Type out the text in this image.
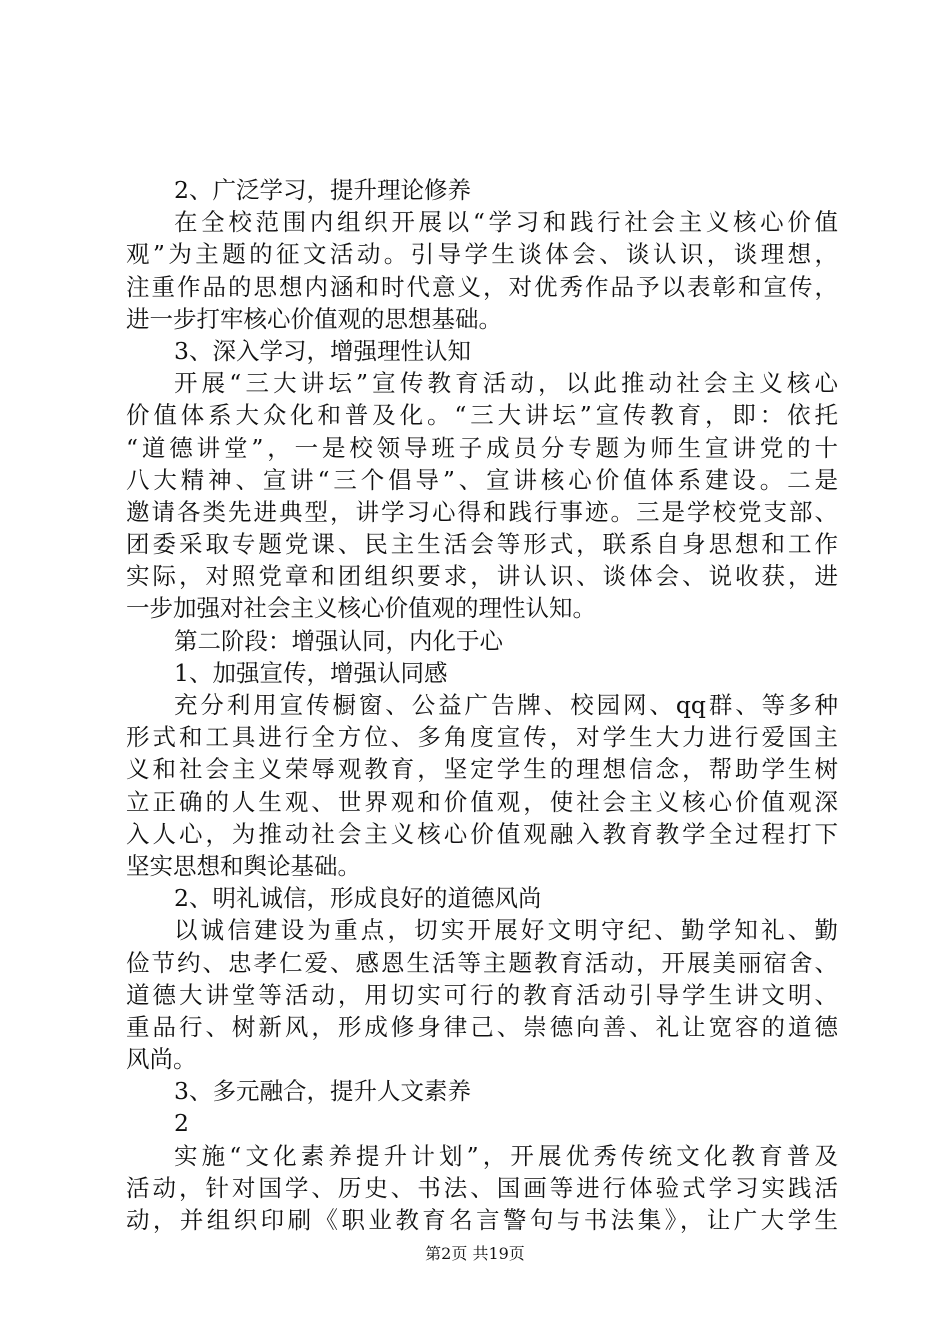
2、广泛学习，提升理论修养
在全校范围内组织开展以“学习和践行社会主义核心价值
观”为主题的征文活动。引导学生谈体会、谈认识，谈理想，
注重作品的思想内涵和时代意义，对优秀作品予以表彰和宣传，
进一步打牢核心价值观的思想基础。
3、深入学习，增强理性认知
开展“三大讲坛”宣传教育活动，以此推动社会主义核心
价值体系大众化和普及化。“三大讲坛”宣传教育，即：依托
“道德讲堂”，一是校领导班子成员分专题为师生宣讲党的十
八大精神、宣讲“三个倡导”、宣讲核心价值体系建设。二是
邀请各类先进典型，讲学习心得和践行事迹。三是学校党支部、
团委采取专题党课、民主生活会等形式，联系自身思想和工作
实际，对照党章和团组织要求，讲认识、谈体会、说收获，进
一步加强对社会主义核心价值观的理性认知。
第二阶段：增强认同，内化于心
1、加强宣传，增强认同感
充分利用宣传橱窗、公益广告牌、校园网、qq群、等多种
形式和工具进行全方位、多角度宣传，对学生大力进行爱国主
义和社会主义荣辱观教育，坚定学生的理想信念，帮助学生树
立正确的人生观、世界观和价值观，使社会主义核心价值观深
入人心，为推动社会主义核心价值观融入教育教学全过程打下
坚实思想和舆论基础。
2、明礼诚信，形成良好的道德风尚
以诚信建设为重点，切实开展好文明守纪、勤学知礼、勤
俭节约、忠孝仁爱、感恩生活等主题教育活动，开展美丽宿舍、
道德大讲堂等活动，用切实可行的教育活动引导学生讲文明、
重品行、树新风，形成修身律己、崇德向善、礼让宽容的道德
风尚。
3、多元融合，提升人文素养
2
实施“文化素养提升计划”，开展优秀传统文化教育普及
活动，针对国学、历史、书法、国画等进行体验式学习实践活
动，并组织印刷《职业教育名言警句与书法集》，让广大学生
第2页 共19页
